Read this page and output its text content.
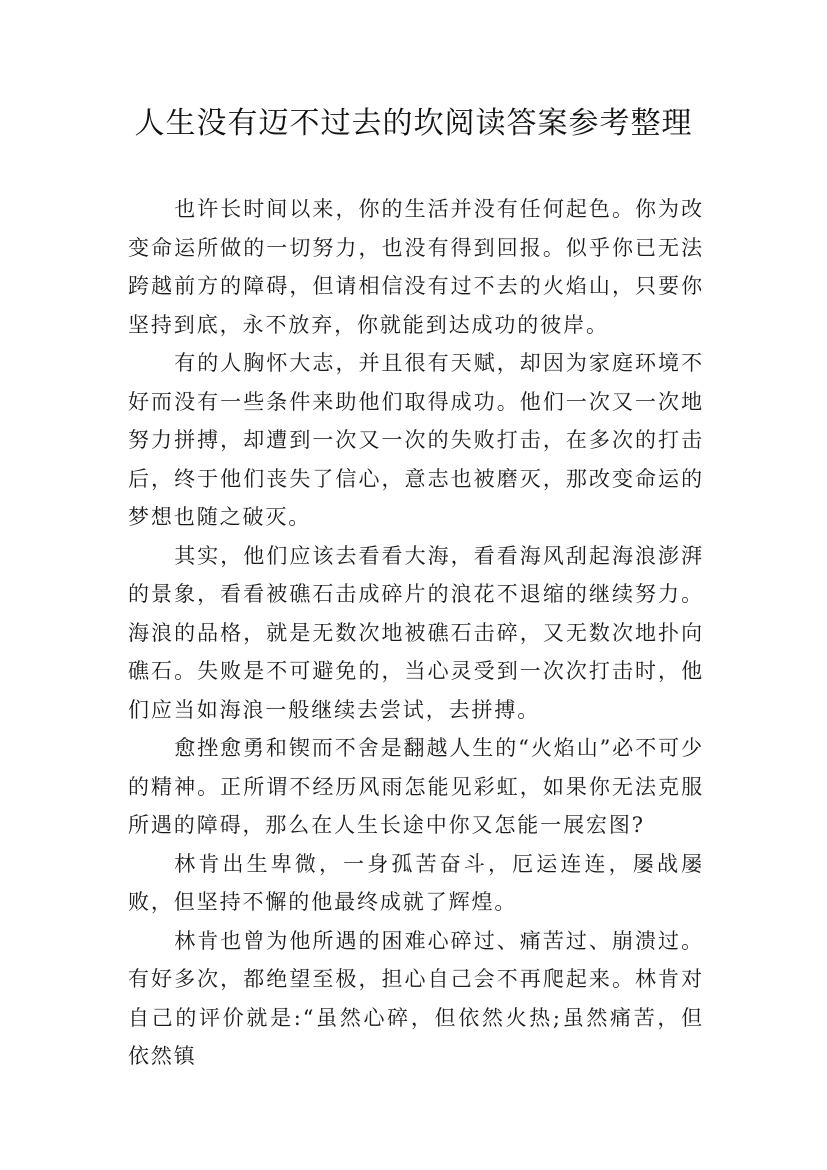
人生没有迈不过去的坎阅读答案参考整理

也许长时间以来，你的生活并没有任何起色。你为改变命运所做的一切努力，也没有得到回报。似乎你已无法跨越前方的障碍，但请相信没有过不去的火焰山，只要你坚持到底，永不放弃，你就能到达成功的彼岸。

有的人胸怀大志，并且很有天赋，却因为家庭环境不好而没有一些条件来助他们取得成功。他们一次又一次地努力拼搏，却遭到一次又一次的失败打击，在多次的打击后，终于他们丧失了信心，意志也被磨灭，那改变命运的梦想也随之破灭。

其实，他们应该去看看大海，看看海风刮起海浪澎湃的景象，看看被礁石击成碎片的浪花不退缩的继续努力。海浪的品格，就是无数次地被礁石击碎，又无数次地扑向礁石。失败是不可避免的，当心灵受到一次次打击时，他们应当如海浪一般继续去尝试，去拼搏。

愈挫愈勇和锲而不舍是翻越人生的“火焰山”必不可少的精神。正所谓不经历风雨怎能见彩虹，如果你无法克服所遇的障碍，那么在人生长途中你又怎能一展宏图?

林肯出生卑微，一身孤苦奋斗，厄运连连，屡战屡败，但坚持不懈的他最终成就了辉煌。

林肯也曾为他所遇的困难心碎过、痛苦过、崩溃过。有好多次，都绝望至极，担心自己会不再爬起来。林肯对自己的评价就是:“虽然心碎，但依然火热;虽然痛苦，但依然镇
